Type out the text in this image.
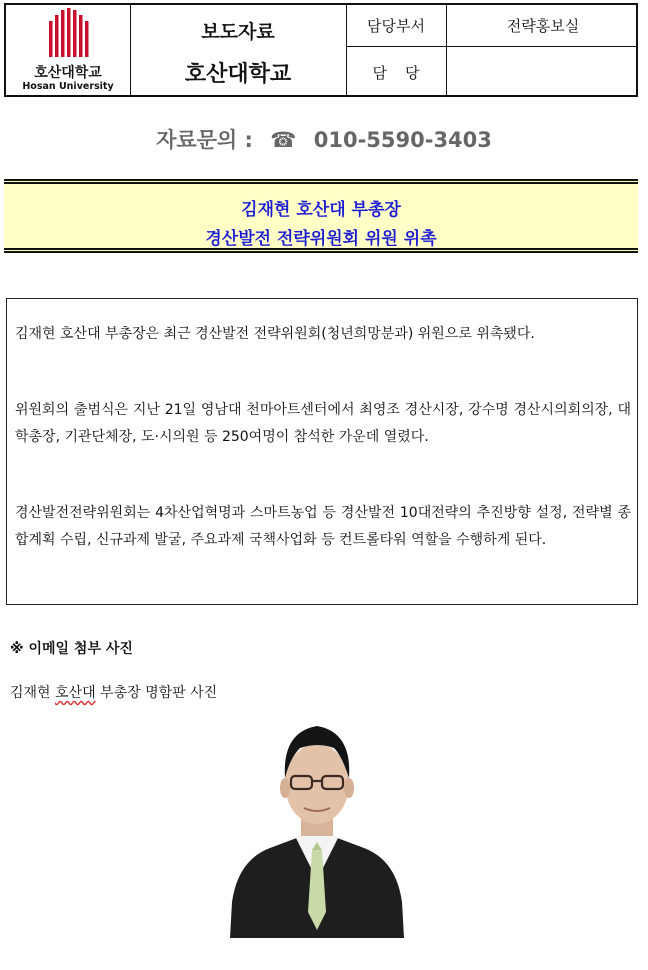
호산대학교
Hosan University
보도자료
호산대학교
담당부서	전략홍보실
담당
자료문의 : ☎ 010-5590-3403
김재현 호산대 부총장
경산발전 전략위원회 위원 위촉
김재현 호산대 부총장은 최근 경산발전 전략위원회(청년희망분과) 위원으로 위촉됐다.
위원회의 출범식은 지난 21일 영남대 천마아트센터에서 최영조 경산시장, 강수명 경산시의회의장, 대학총장, 기관단체장, 도·시의원 등 250여명이 참석한 가운데 열렸다.
경산발전전략위원회는 4차산업혁명과 스마트농업 등 경산발전 10대전략의 추진방향 설정, 전략별 종합계획 수립, 신규과제 발굴, 주요과제 국책사업화 등 컨트롤타워 역할을 수행하게 된다.
※ 이메일 첨부 사진
김재현 호산대 부총장 명함판 사진
